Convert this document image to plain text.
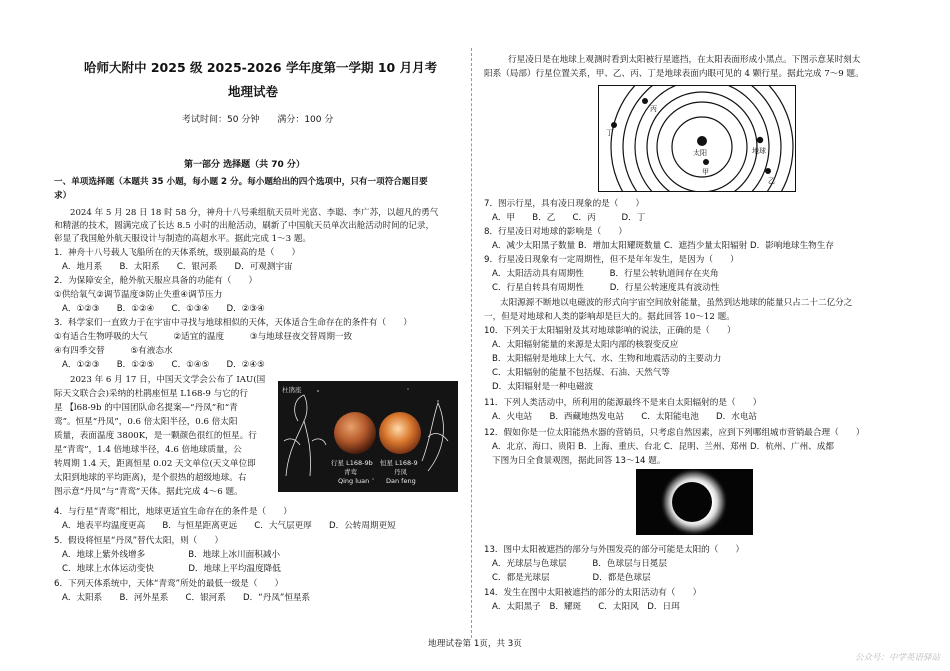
哈师大附中 2025 级 2025-2026 学年度第一学期 10 月月考
地理试卷
考试时间：50 分钟　　满分：100 分
第一部分 选择题（共 70 分）
一、单项选择题（本题共 35 小题，每小题 2 分。每小题给出的四个选项中，只有一项符合题目要
求）
2024 年 5 月 28 日 18 时 58 分，神舟十八号乘组航天员叶光富、李聪、李广苏，以超凡的勇气
和精湛的技术，圆满完成了长达 8.5 小时的出舱活动，刷新了中国航天员单次出舱活动时间的记录，
彰显了我国舱外航天服设计与制造的高超水平。据此完成 1～3 题。
1．神舟十八号载人飞船所在的天体系统，级别最高的是（　　）
A．地月系　　B．太阳系　　C．银河系　　D．可观测宇宙
2．为保障安全，舱外航天服应具备的功能有（　　）
①供给氧气②调节温度③防止失重④调节压力
A．①②③　　B．①②④　　C．①③④　　D．②③④
3．科学家们一直致力于在宇宙中寻找与地球相似的天体，天体适合生命存在的条件有（　　）
①有适合生物呼吸的大气　　　②适宜的温度　　　③与地球昼夜交替周期一致
④有四季交替　　　⑤有液态水
A．①②③　　B．①②⑤　　C．①④⑤　　D．②④⑤
2023 年 6 月 17 日，中国天文学会公布了 IAU(国
际天文联合会)采纳的杜鹃座恒星 L168-9 与它的行
星 【l68-9b 的中国团队命名提案—“丹凤”和“青
鸾”。恒星“丹凤”，0.6 倍太阳半径，0.6 倍太阳
质量，表面温度 3800K，是一颗颜色很红的恒星。行
星“青鸾”，1.4 倍地球半径，4.6 倍地球质量，公
转周期 1.4 天，距离恒星 0.02 天文单位(天文单位即
太阳到地球的平均距离)，是个很热的超级地球。右
图示意“丹凤”与“青鸾”天体。据此完成 4～6 题。
4．与行星“青鸾”相比，地球更适宜生命存在的条件是（　　）
A．地表平均温度更高　　B．与恒星距离更远　　C．大气层更厚　　D．公转周期更短
5．假设将恒星“丹凤”替代太阳，则（　　）
A．地球上紫外线增多　　　　　B．地球上冰川面积减小
C．地球上水体运动变快　　　　D．地球上平均温度降低
6．下列天体系统中，天体“青鸾”所处的最低一级是（　　）
A．太阳系　　B．河外星系　　C．银河系　　D．“丹凤”恒星系
杜鹃座
行星 L168-9b
青鸾
Qing luan
恒星 L168-9
丹凤
Dan feng
行星凌日是在地球上观测时看到太阳被行星遮挡，在太阳表面形成小黑点。下图示意某时刻太
阳系（局部）行星位置关系，甲、乙、丙、丁是地球表面内眼可见的 4 颗行星。据此完成 7～9 题。
太阳	地球
丙
丁
甲
乙
7．图示行星，具有凌日现象的是（　　）
A．甲　　B．乙　　C．丙　　　D．丁
8．行星凌日对地球的影响是（　　）
A．减少太阳黑子数量 B．增加太阳耀斑数量 C．遮挡少量太阳辐射 D．影响地球生物生存
9．行星凌日现象有一定周期性，但不是年年发生，是因为（　　）
A．太阳活动具有周期性　　　B．行星公转轨道间存在夹角
C．行星自转具有周期性　　　D．行星公转速度具有波动性
太阳源源不断地以电磁波的形式向宇宙空间放射能量，虽然到达地球的能量只占二十二亿分之
一，但是对地球和人类的影响却是巨大的。据此回答 10～12 题。
10．下列关于太阳辐射及其对地球影响的说法，正确的是（　　）
A．太阳辐射能量的来源是太阳内部的核裂变反应
B．太阳辐射是地球上大气、水、生物和地震活动的主要动力
C．太阳辐射的能量不包括煤、石油、天然气等
D．太阳辐射是一种电磁波
11．下列人类活动中，所利用的能源最终不是来自太阳辐射的是（　　）
A．火电站　　B．西藏地热发电站　　C．太阳能电池　　D．水电站
12．假如你是一位太阳能热水器的营销员，只考虑自然因素，应到下列哪组城市营销最合理（　　）
A．北京、海口、贵阳 B．上海、重庆、台北 C．昆明、兰州、郑州 D．杭州、广州、成都
下图为日全食景观图，据此回答 13～14 题。
13．图中太阳被遮挡的部分与外围发亮的部分可能是太阳的（　　）
A．光球层与色球层　　　B．色球层与日冕层
C．都是光球层　　　　　D．都是色球层
14．发生在图中太阳被遮挡的部分的太阳活动有（　　）
A．太阳黑子　B．耀斑　　C．太阳风　D．日珥
地理试卷第 1页，共 3页
公众号：中学英语驿站
